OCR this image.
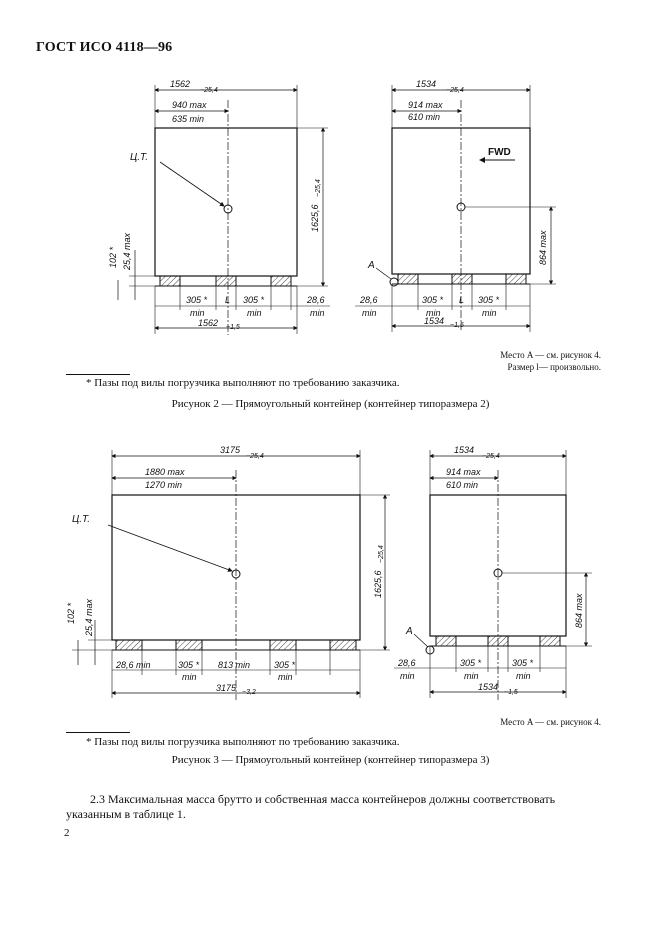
ГОСТ ИСО 4118—96
Ц.Т.
1562
−25,4
940 max
635 min
1625,6
−25,4
102 * 25,4 max
305 *
min
L 305 *
min
28,6
min
1562 −1,5
1534
−25,4
914 max
610 min
FWD
864 max
A
28,6
min
305 *
min
L 305 *
min
1534 −1,5
Место A — см. рисунок 4.
Размер l— произвольно.
* Пазы под вилы погрузчика выполняют по требованию заказчика.
Рисунок 2 — Прямоугольный контейнер (контейнер типоразмера 2)
Ц.Т.
3175
−25,4
1880 max
1270 min
1625,6
−25,4
102 * 25,4 max
28,6 min	305 *
min
813 min	305 *
min
3175 −3,2
1534
−25,4
914 max
610 min
864 max
A
28,6
min
305 *
min
305 *
min
1534
−1,5
Место A — см. рисунок 4.
* Пазы под вилы погрузчика выполняют по требованию заказчика.
Рисунок 3 — Прямоугольный контейнер (контейнер типоразмера 3)
2.3 Максимальная масса брутто и собственная масса контейнеров должны соответствовать указанным в таблице 1.
2
